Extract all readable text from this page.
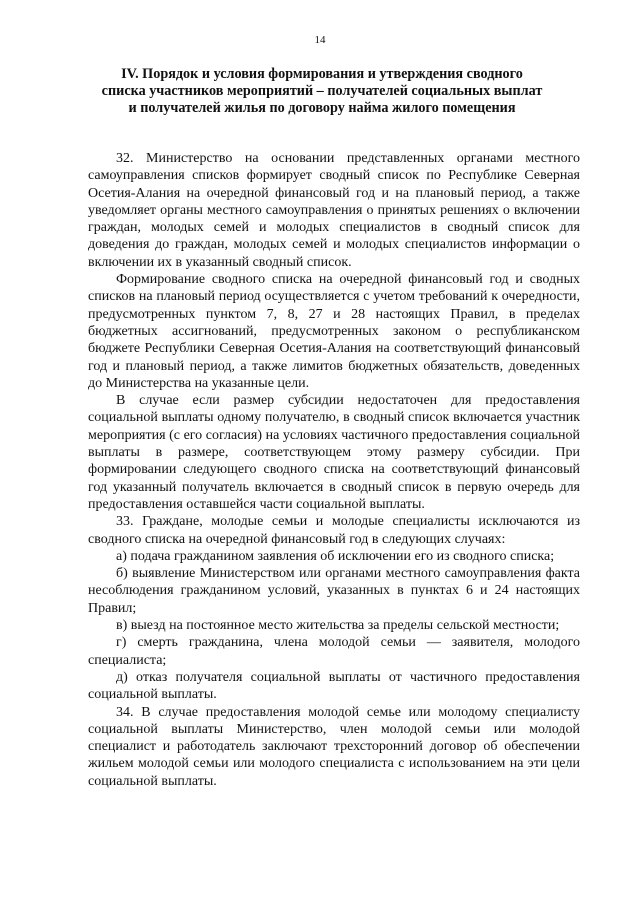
14
IV. Порядок и условия формирования и утверждения сводного списка участников мероприятий – получателей социальных выплат и получателей жилья по договору найма жилого помещения

32. Министерство на основании представленных органами местного самоуправления списков формирует сводный список по Республике Северная Осетия-Алания на очередной финансовый год и на плановый период, а также уведомляет органы местного самоуправления о принятых решениях о включении граждан, молодых семей и молодых специалистов в сводный список для доведения до граждан, молодых семей и молодых специалистов информации о включении их в указанный сводный список.

Формирование сводного списка на очередной финансовый год и сводных списков на плановый период осуществляется с учетом требований к очередности, предусмотренных пунктом 7, 8, 27 и 28 настоящих Правил, в пределах бюджетных ассигнований, предусмотренных законом о республиканском бюджете Республики Северная Осетия-Алания на соответствующий финансовый год и плановый период, а также лимитов бюджетных обязательств, доведенных до Министерства на указанные цели.

В случае если размер субсидии недостаточен для предоставления социальной выплаты одному получателю, в сводный список включается участник мероприятия (с его согласия) на условиях частичного предоставления социальной выплаты в размере, соответствующем этому размеру субсидии. При формировании следующего сводного списка на соответствующий финансовый год указанный получатель включается в сводный список в первую очередь для предоставления оставшейся части социальной выплаты.

33. Граждане, молодые семьи и молодые специалисты исключаются из сводного списка на очередной финансовый год в следующих случаях:

а) подача гражданином заявления об исключении его из сводного списка;

б) выявление Министерством или органами местного самоуправления факта несоблюдения гражданином условий, указанных в пунктах 6 и 24 настоящих Правил;

в) выезд на постоянное место жительства за пределы сельской местности;

г) смерть гражданина, члена молодой семьи — заявителя, молодого специалиста;

д) отказ получателя социальной выплаты от частичного предоставления социальной выплаты.

34. В случае предоставления молодой семье или молодому специалисту социальной выплаты Министерство, член молодой семьи или молодой специалист и работодатель заключают трехсторонний договор об обеспечении жильем молодой семьи или молодого специалиста с использованием на эти цели социальной выплаты.
